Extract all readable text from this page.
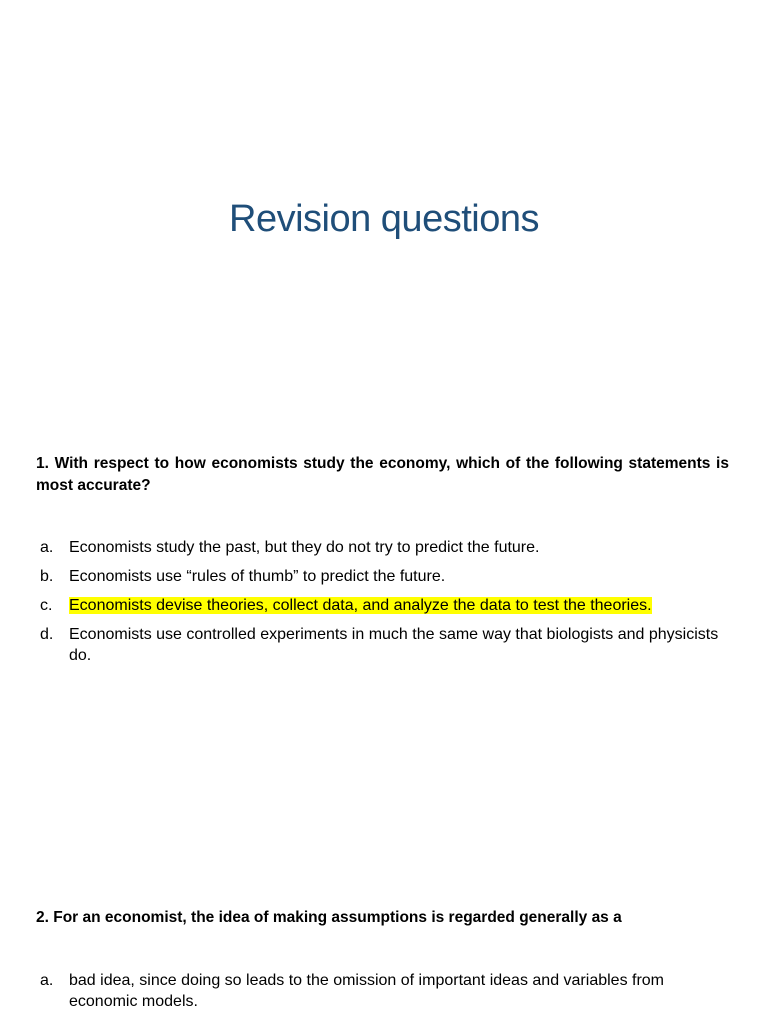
Revision questions
1. With respect to how economists study the economy, which of the following statements is most accurate?
a. Economists study the past, but they do not try to predict the future.
b. Economists use “rules of thumb” to predict the future.
c. Economists devise theories, collect data, and analyze the data to test the theories.
d. Economists use controlled experiments in much the same way that biologists and physicists do.
2. For an economist, the idea of making assumptions is regarded generally as a
a. bad idea, since doing so leads to the omission of important ideas and variables from economic models.
